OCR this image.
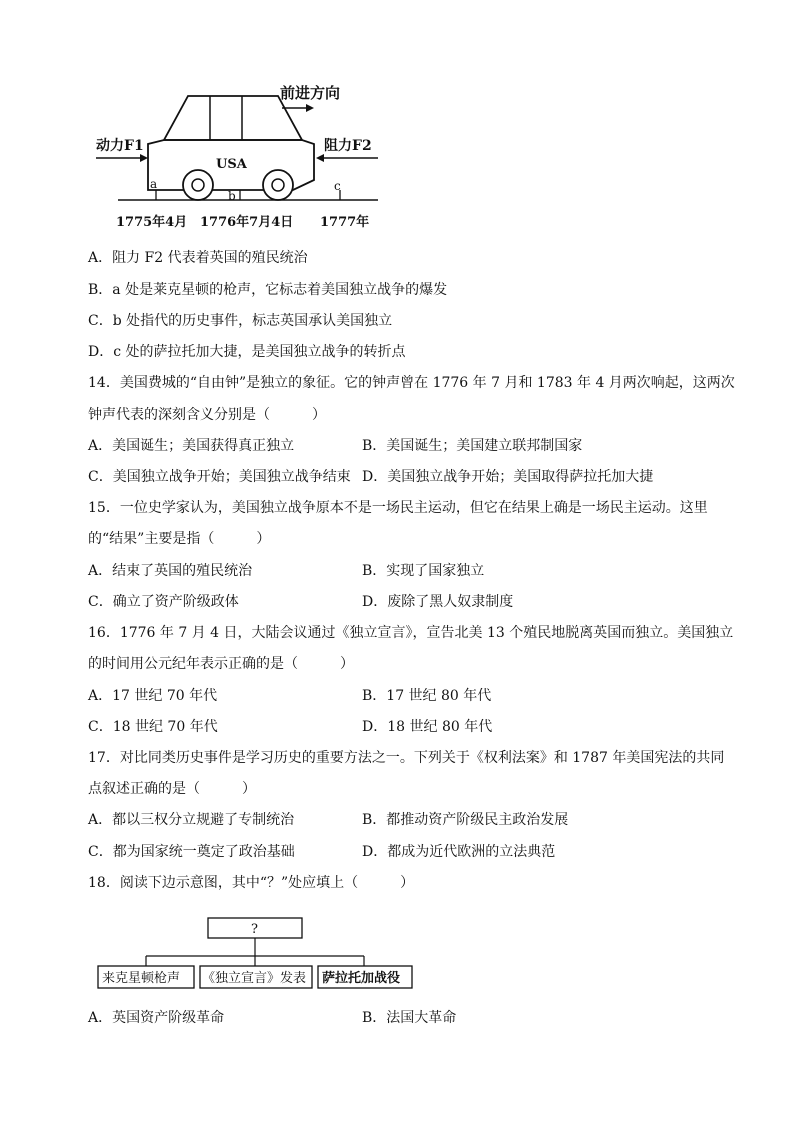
前进方向
动力F1	阻力F2
USA
a
b
c
1775年4月 1776年7月4日 1777年
A．阻力 F2 代表着英国的殖民统治
B．a 处是莱克星顿的枪声，它标志着美国独立战争的爆发
C．b 处指代的历史事件，标志英国承认美国独立
D．c 处的萨拉托加大捷，是美国独立战争的转折点
14．美国费城的“自由钟”是独立的象征。它的钟声曾在 1776 年 7 月和 1783 年 4 月两次响起，这两次
钟声代表的深刻含义分别是（　　　）
A．美国诞生；美国获得真正独立	B．美国诞生；美国建立联邦制国家
C．美国独立战争开始；美国独立战争结束 D．美国独立战争开始；美国取得萨拉托加大捷
15．一位史学家认为，美国独立战争原本不是一场民主运动，但它在结果上确是一场民主运动。这里
的“结果”主要是指（　　　）
A．结束了英国的殖民统治	B．实现了国家独立
C．确立了资产阶级政体	D．废除了黑人奴隶制度
16．1776 年 7 月 4 日，大陆会议通过《独立宣言》，宣告北美 13 个殖民地脱离英国而独立。美国独立
的时间用公元纪年表示正确的是（　　　）
A．17 世纪 70 年代	B．17 世纪 80 年代
C．18 世纪 70 年代	D．18 世纪 80 年代
17．对比同类历史事件是学习历史的重要方法之一。下列关于《权利法案》和 1787 年美国宪法的共同
点叙述正确的是（　　　）
A．都以三权分立规避了专制统治	B．都推动资产阶级民主政治发展
C．都为国家统一奠定了政治基础	D．都成为近代欧洲的立法典范
18．阅读下边示意图，其中“？”处应填上（　　　）
?
来克星顿枪声 《独立宣言》发表 萨拉托加战役
A．英国资产阶级革命	B．法国大革命
